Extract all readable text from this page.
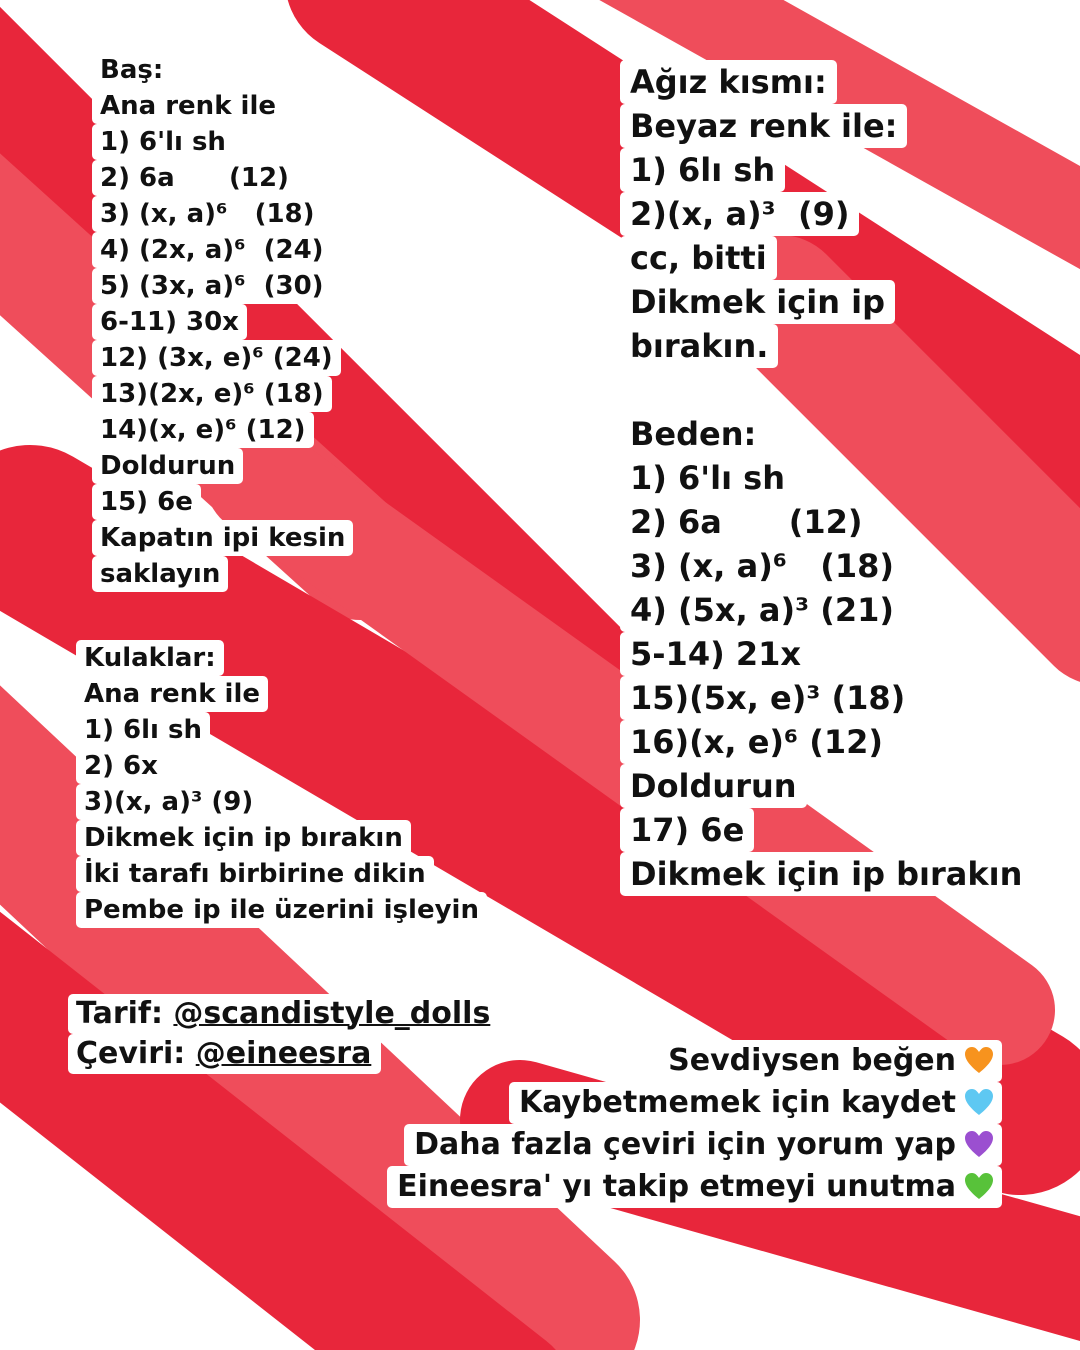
Baş:
Ana renk ile
1) 6'lı sh
2) 6a      (12)
3) (x, a)⁶   (18)
4) (2x, a)⁶  (24)
5) (3x, a)⁶  (30)
6-11) 30x
12) (3x, e)⁶ (24)
13)(2x, e)⁶ (18)
14)(x, e)⁶ (12)
Doldurun
15) 6e
Kapatın ipi kesin
saklayın
Kulaklar:
Ana renk ile
1) 6lı sh
2) 6x
3)(x, a)³ (9)
Dikmek için ip bırakın
İki tarafı birbirine dikin
Pembe ip ile üzerini işleyin
Ağız kısmı:
Beyaz renk ile:
1) 6lı sh
2)(x, a)³  (9)
cc, bitti
Dikmek için ip
bırakın.
Beden:
1) 6'lı sh
2) 6a      (12)
3) (x, a)⁶   (18)
4) (5x, a)³ (21)
5-14) 21x
15)(5x, e)³ (18)
16)(x, e)⁶ (12)
Doldurun
17) 6e
Dikmek için ip bırakın
Tarif: @scandistyle_dolls
Çeviri: @eineesra	Sevdiysen beğen
Kaybetmemek için kaydet
Daha fazla çeviri için yorum yap
Eineesra' yı takip etmeyi unutma
